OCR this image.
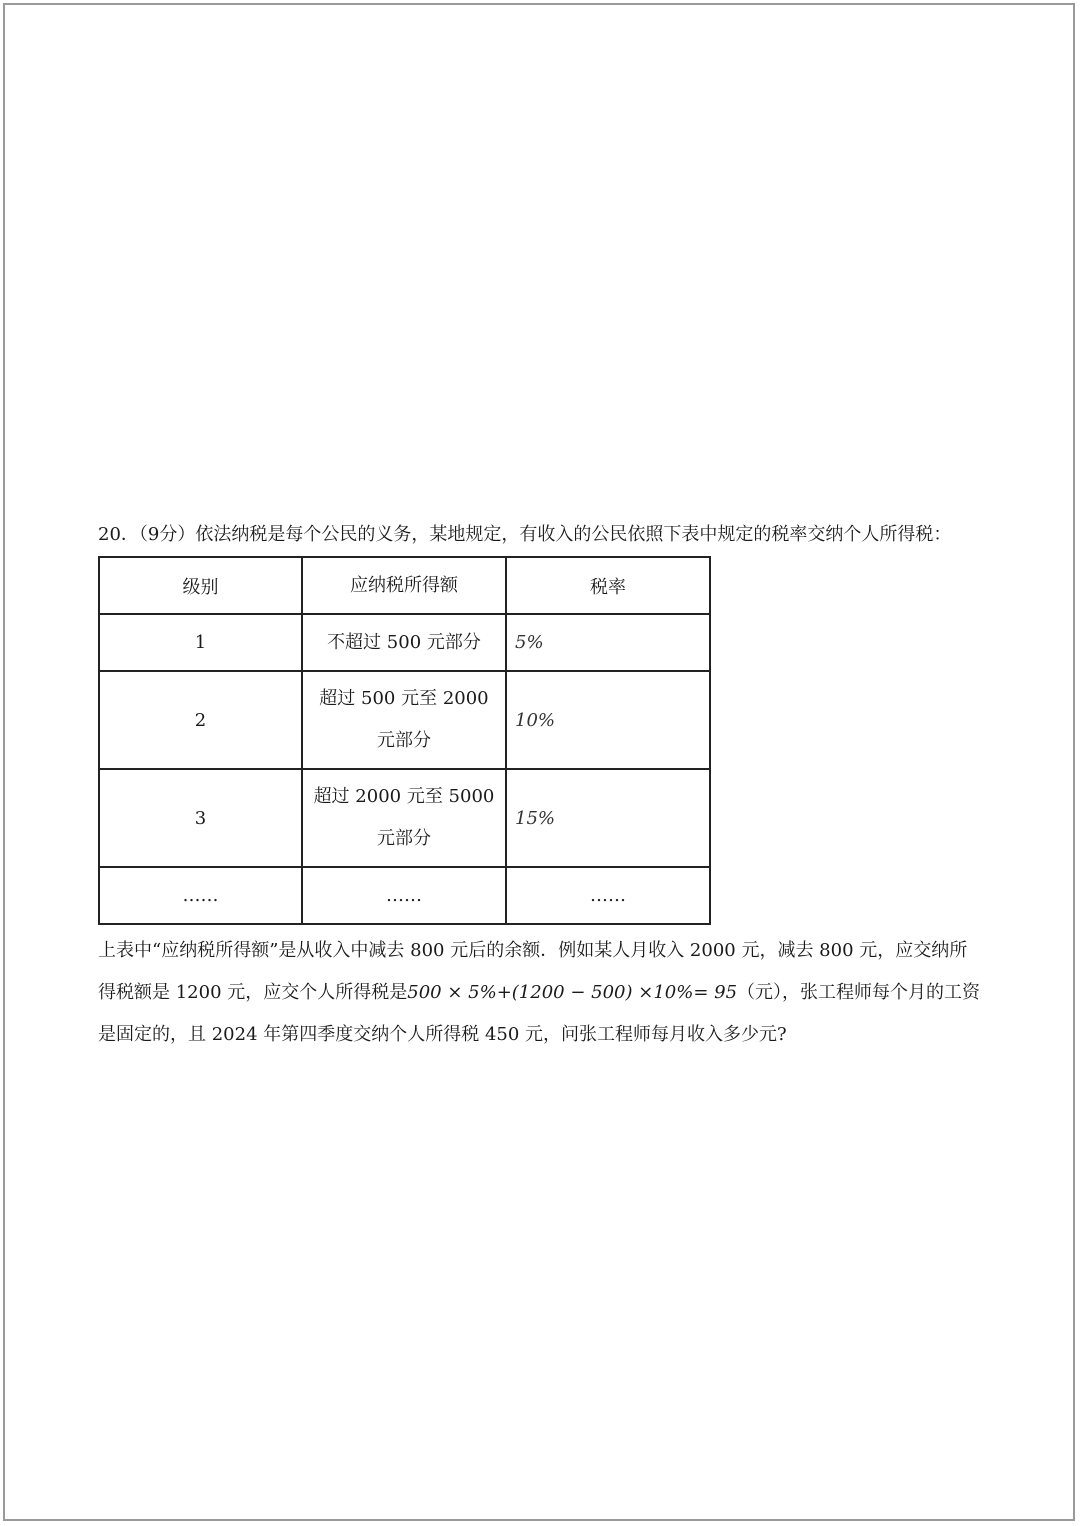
20．（9分）依法纳税是每个公民的义务，某地规定，有收入的公民依照下表中规定的税率交纳个人所得税：
级别	应纳税所得额	税率
1	不超过 500 元部分	5%
2	超过 500 元至 2000 元部分	10%
3	超过 2000 元至 5000 元部分	15%
……	……	……

上表中“应纳税所得额”是从收入中减去 800 元后的余额．例如某人月收入 2000 元，减去 800 元，应交纳所

得税额是 1200 元，应交个人所得税是500 × 5%+(1200 − 500) ×10%= 95（元），张工程师每个月的工资

是固定的，且 2024 年第四季度交纳个人所得税 450 元，问张工程师每月收入多少元?
